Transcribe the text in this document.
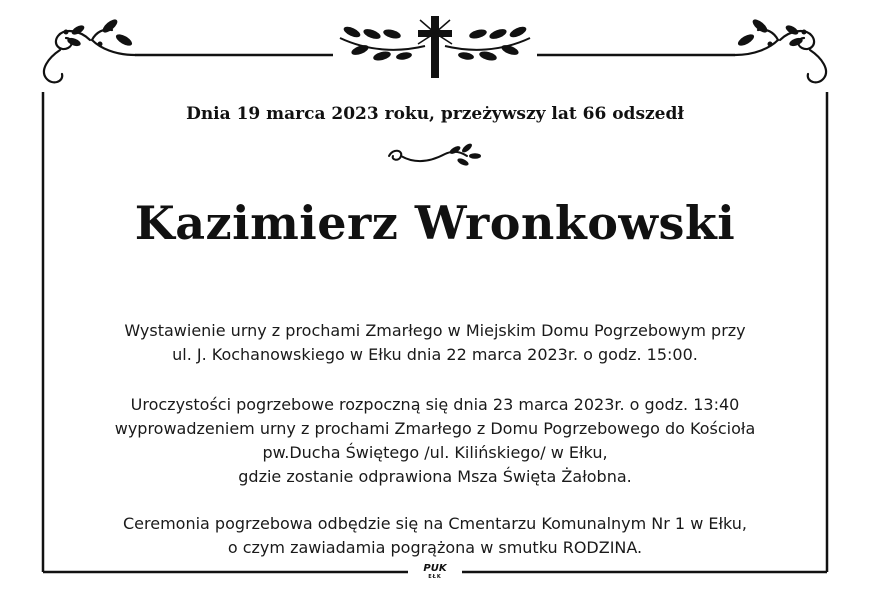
Dnia 19 marca 2023 roku, przeżywszy lat 66 odszedł
Kazimierz Wronkowski
Wystawienie urny z prochami Zmarłego w Miejskim Domu Pogrzebowym przy
ul. J. Kochanowskiego w Ełku dnia 22 marca 2023r. o godz. 15:00.
Uroczystości pogrzebowe rozpoczną się dnia 23 marca 2023r. o godz. 13:40
wyprowadzeniem urny z prochami Zmarłego z Domu Pogrzebowego do Kościoła
pw.Ducha Świętego /ul. Kilińskiego/ w Ełku,
gdzie zostanie odprawiona Msza Święta Żałobna.
Ceremonia pogrzebowa odbędzie się na Cmentarzu Komunalnym Nr 1 w Ełku,
o czym zawiadamia pogrążona w smutku RODZINA.
PUK
EŁK
